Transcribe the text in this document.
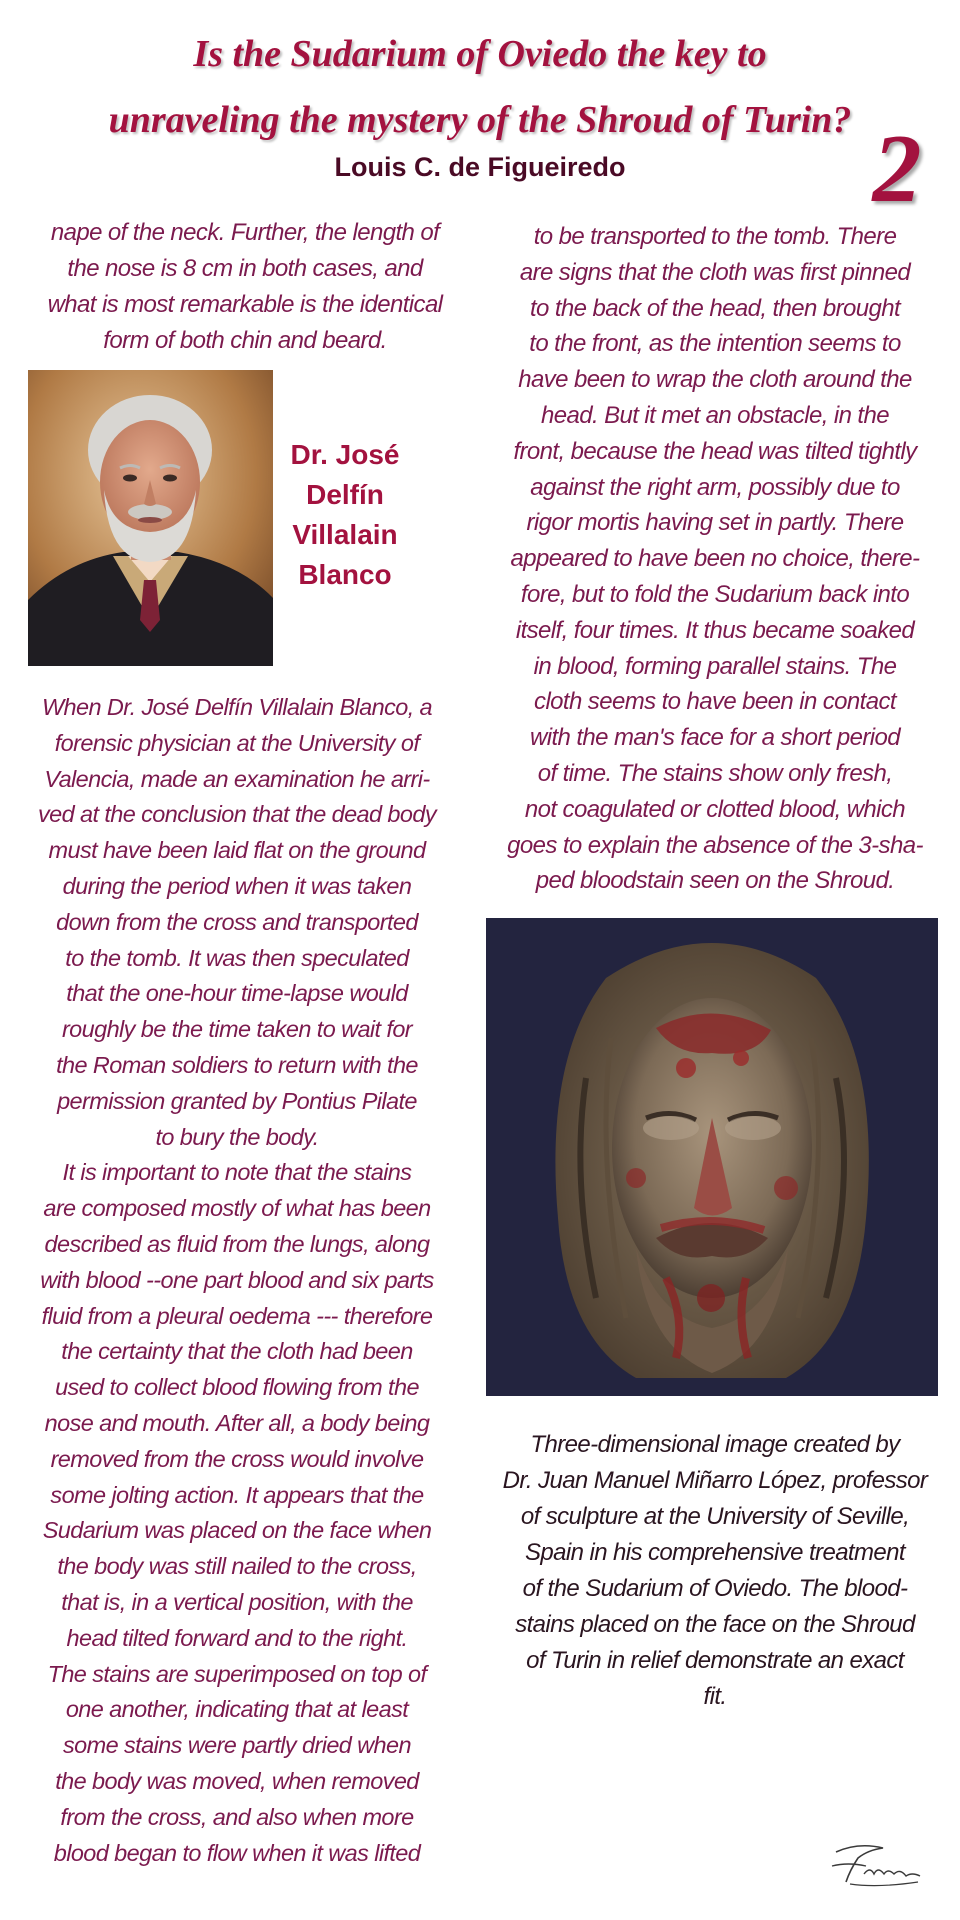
Is the Sudarium of Oviedo the key to
unraveling the mystery of the Shroud of Turin?
Louis C. de Figueiredo	2

nape of the neck. Further, the length of
the nose is 8 cm in both cases, and
what is most remarkable is the identical
form of both chin and beard.

Dr. José
Delfín
Villalain
Blanco

When Dr. José Delfín Villalain Blanco, a
forensic physician at the University of
Valencia, made an examination he arri-
ved at the conclusion that the dead body
must have been laid flat on the ground
during the period when it was taken
down from the cross and transported
to the tomb. It was then speculated
that the one-hour time-lapse would
roughly be the time taken to wait for
the Roman soldiers to return with the
permission granted by Pontius Pilate
to bury the body.
It is important to note that the stains
are composed mostly of what has been
described as fluid from the lungs, along
with blood --one part blood and six parts
fluid from a pleural oedema --- therefore
the certainty that the cloth had been
used to collect blood flowing from the
nose and mouth. After all, a body being
removed from the cross would involve
some jolting action. It appears that the
Sudarium was placed on the face when
the body was still nailed to the cross,
that is, in a vertical position, with the
head tilted forward and to the right.
The stains are superimposed on top of
one another, indicating that at least
some stains were partly dried when
the body was moved, when removed
from the cross, and also when more
blood began to flow when it was lifted

to be transported to the tomb. There
are signs that the cloth was first pinned
to the back of the head, then brought
to the front, as the intention seems to
have been to wrap the cloth around the
head. But it met an obstacle, in the
front, because the head was tilted tightly
against the right arm, possibly due to
rigor mortis having set in partly. There
appeared to have been no choice, there-
fore, but to fold the Sudarium back into
itself, four times. It thus became soaked
in blood, forming parallel stains. The
cloth seems to have been in contact
with the man's face for a short period
of time. The stains show only fresh,
not coagulated or clotted blood, which
goes to explain the absence of the 3-sha-
ped bloodstain seen on the Shroud.

Three-dimensional image created by
Dr. Juan Manuel Miñarro López, professor
of sculpture at the University of Seville,
Spain in his comprehensive treatment
of the Sudarium of Oviedo. The blood-
stains placed on the face on the Shroud
of Turin in relief demonstrate an exact
fit.
